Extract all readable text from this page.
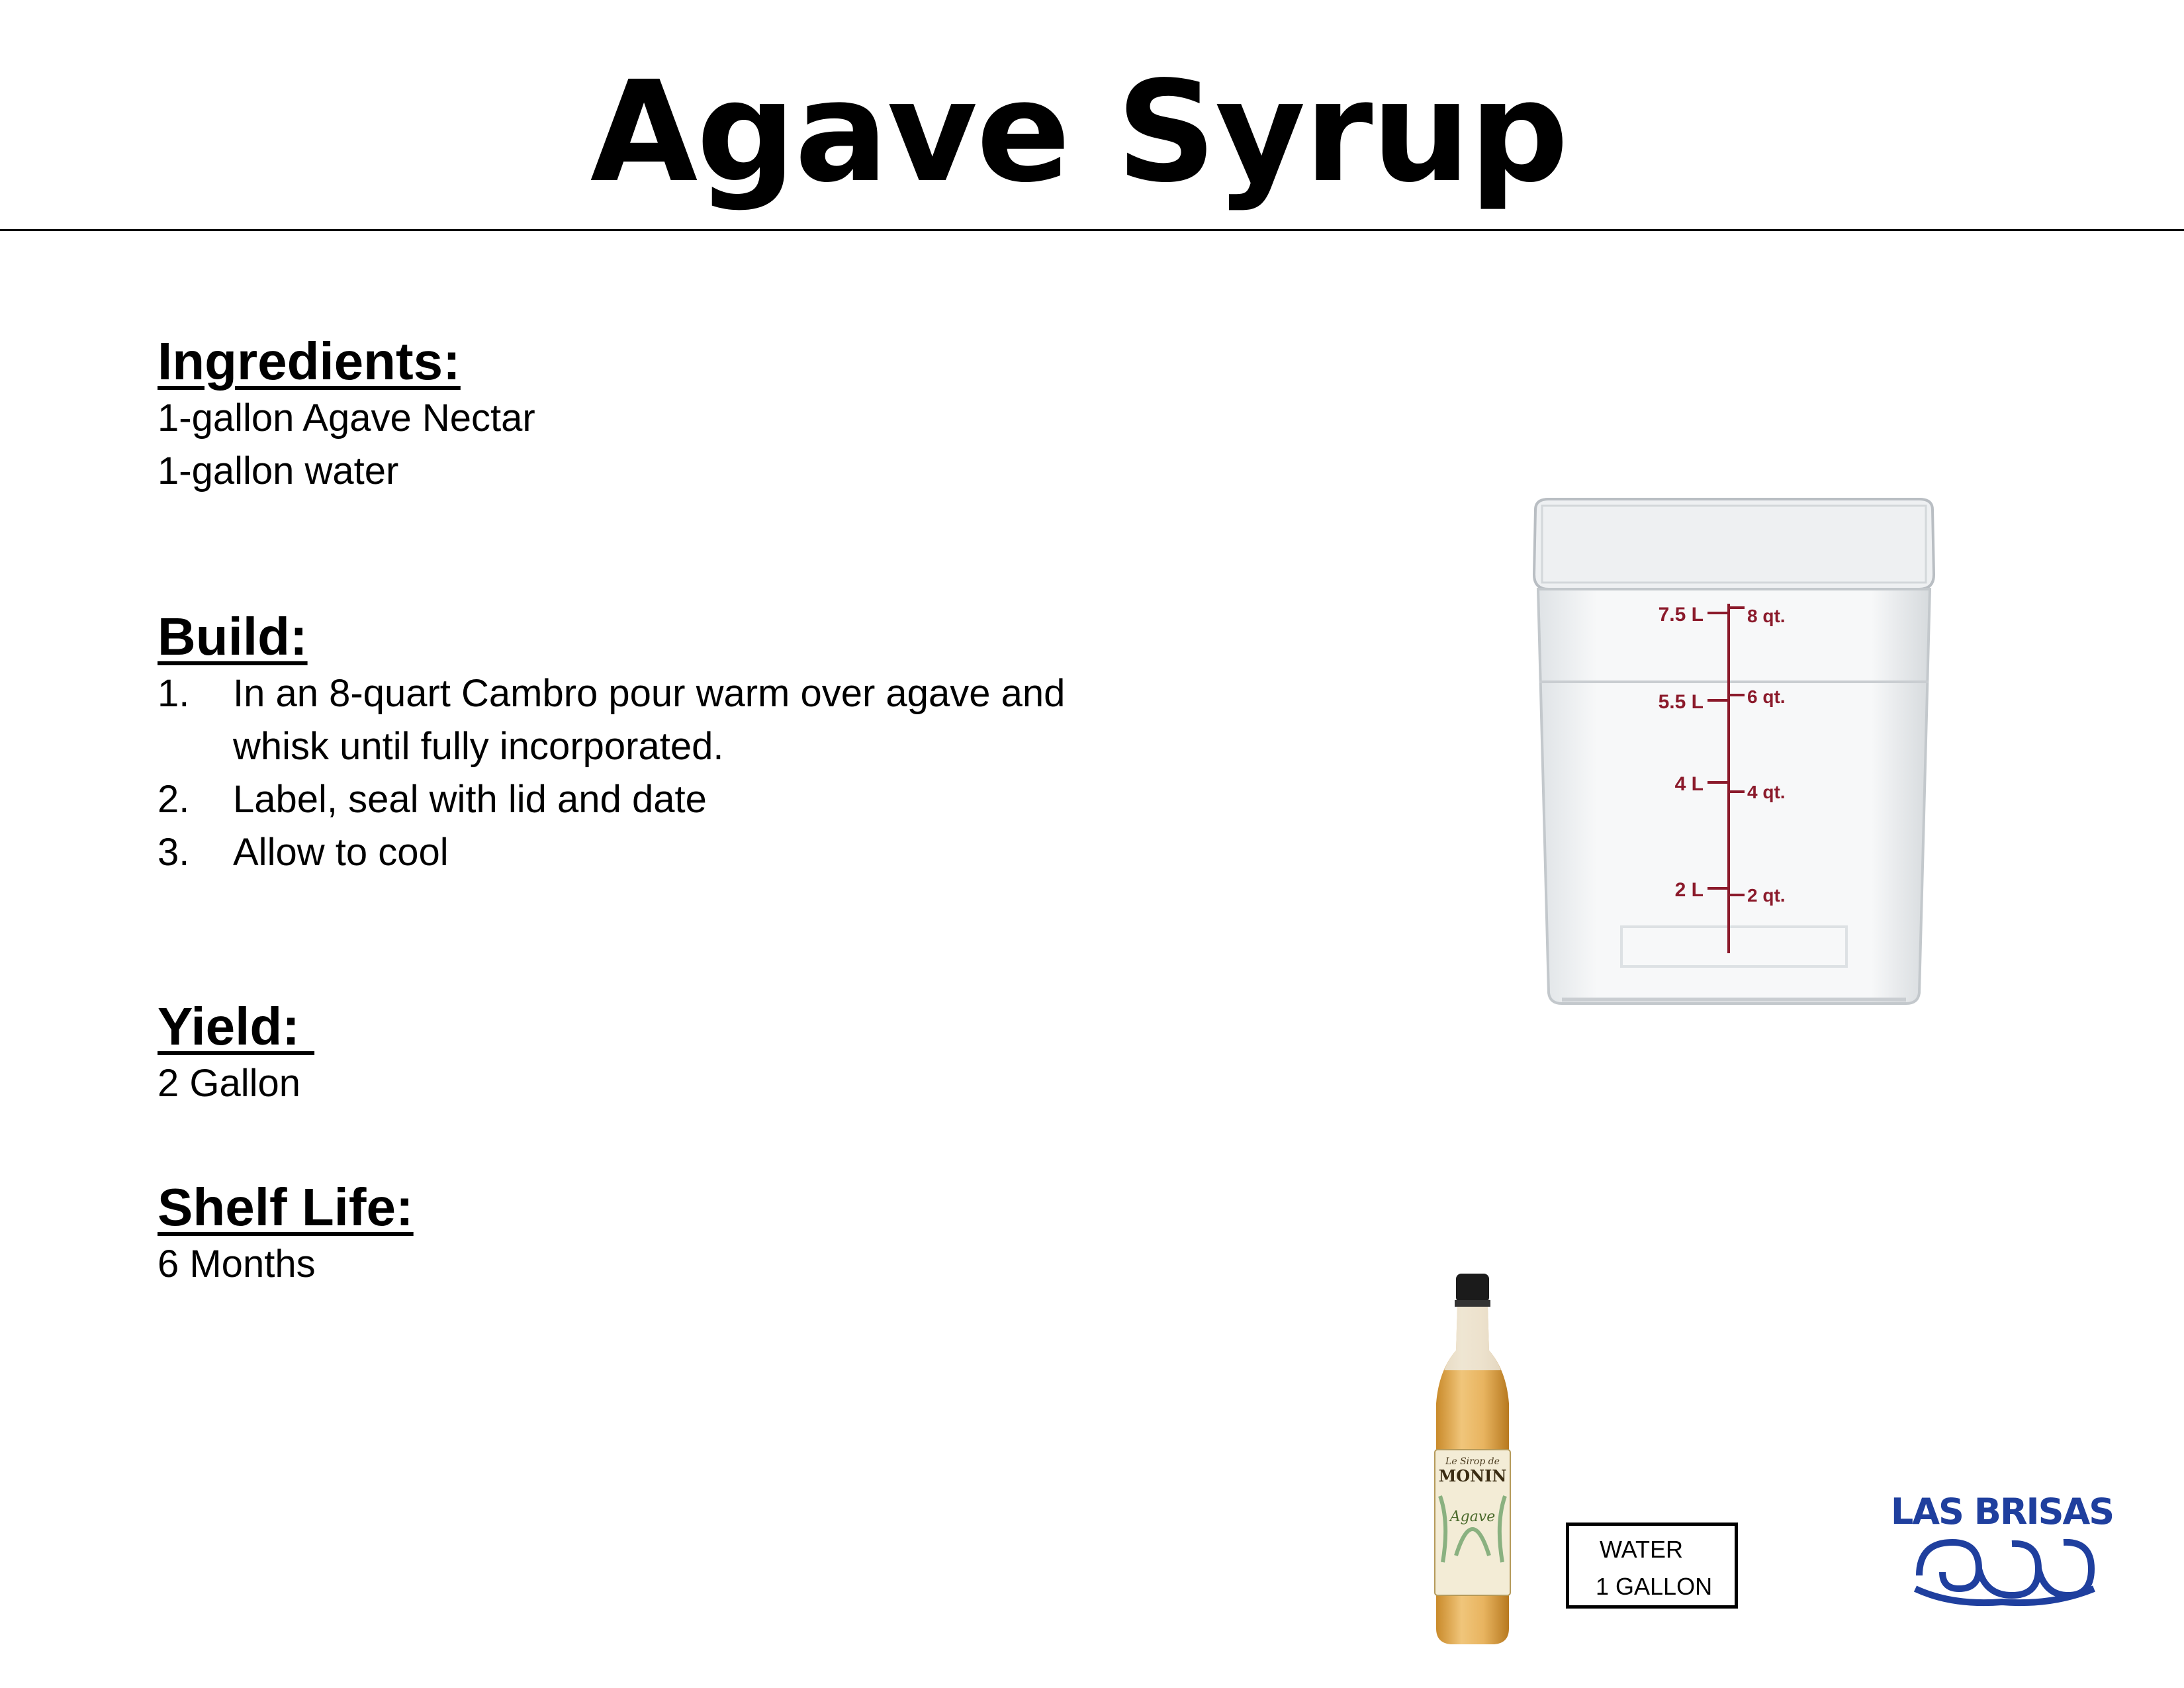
Agave Syrup

Ingredients:

1-gallon Agave Nectar

1-gallon water

Build:

1. In an 8-quart Cambro pour warm over agave and whisk until fully incorporated.
2. Label, seal with lid and date
3. Allow to cool

Yield:

2 Gallon

Shelf Life:

6 Months

7.5 L 8 qt.
5.5 L 6 qt.
4 L 4 qt.
2 L 2 qt.
Le Sirop de
MONIN
Agave
WATER
1 GALLON
LAS BRISAS
